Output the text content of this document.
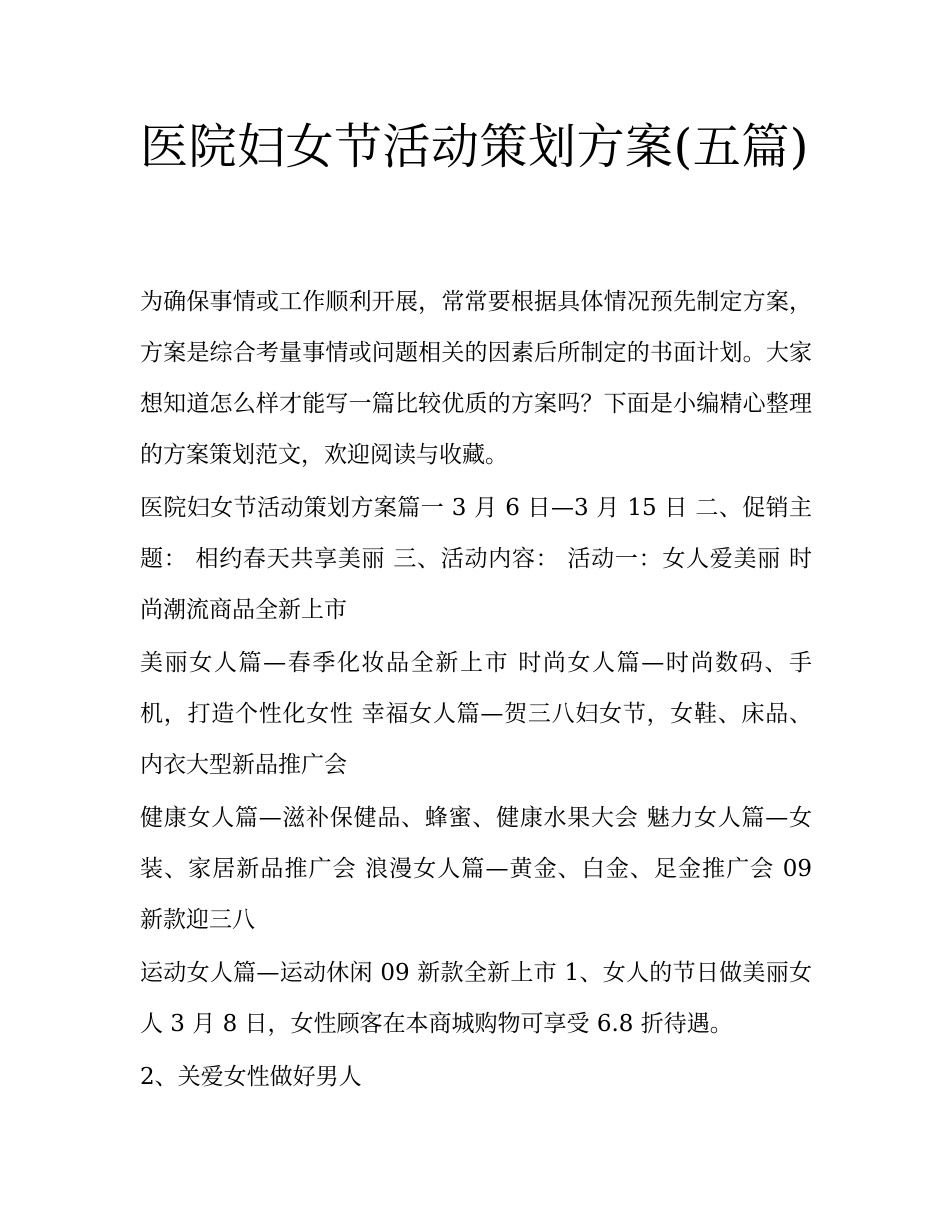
医院妇女节活动策划方案(五篇)

为确保事情或工作顺利开展，常常要根据具体情况预先制定方案，方案是综合考量事情或问题相关的因素后所制定的书面计划。大家想知道怎么样才能写一篇比较优质的方案吗？下面是小编精心整理的方案策划范文，欢迎阅读与收藏。

医院妇女节活动策划方案篇一 3 月 6 日—3 月 15 日 二、促销主题： 相约春天共享美丽 三、活动内容： 活动一：女人爱美丽 时尚潮流商品全新上市

美丽女人篇—春季化妆品全新上市 时尚女人篇—时尚数码、手机，打造个性化女性 幸福女人篇—贺三八妇女节，女鞋、床品、内衣大型新品推广会

健康女人篇—滋补保健品、蜂蜜、健康水果大会 魅力女人篇—女装、家居新品推广会 浪漫女人篇—黄金、白金、足金推广会 09 新款迎三八

运动女人篇—运动休闲 09 新款全新上市 1、女人的节日做美丽女人 3 月 8 日，女性顾客在本商城购物可享受 6.8 折待遇。

2、关爱女性做好男人
